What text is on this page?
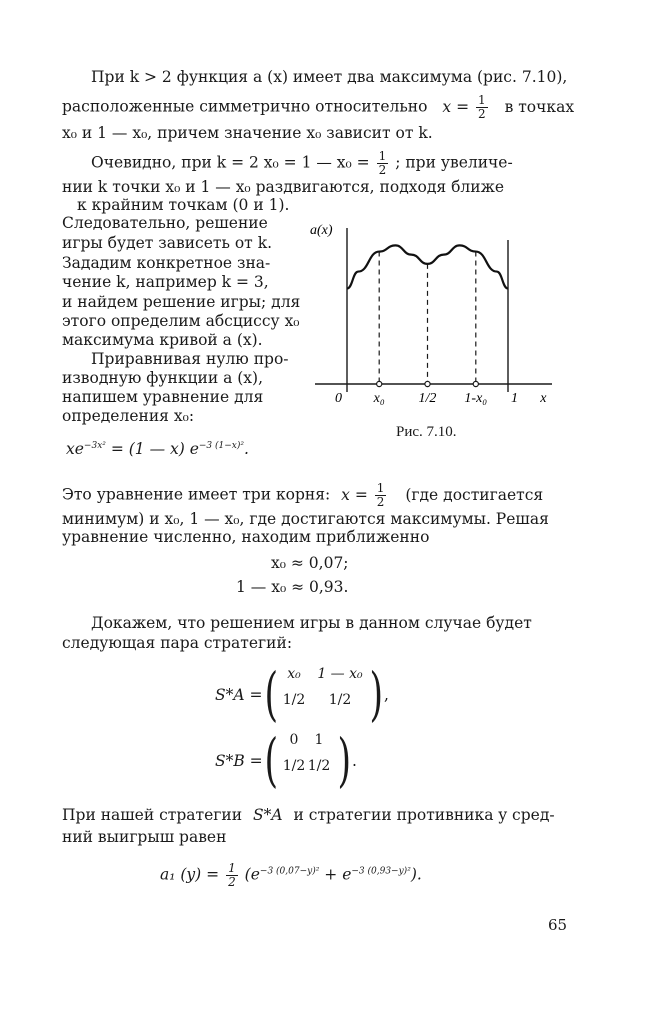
При k > 2 функция a (x) имеет два максимума (рис. 7.10),
расположенные симметрично относительно $x = \frac{1}{2}$ в точках
x₀ и 1 — x₀, причем значение x₀ зависит от k.
Очевидно, при k = 2 x₀ = 1 — $x_0 = \frac{1}{2}$ ; при увеличе-
нии k точки x₀ и 1 — x₀ раздвигаются, подходя ближе
к крайним точкам (0 и 1).
Следовательно, решение
игры будет зависеть от k.
Зададим конкретное зна-
чение k, например k = 3,
и найдем решение игры; для
этого определим абсциссу x₀
максимума кривой a (x).
Приравнивая нулю про-
изводную функции a (x),
напишем уравнение для
определения x₀:
$xe^{-3x^2} = (1$ — x) $e^{-3 (1-x)^2}$.
a(x)
0 x₀ 1/2 1-x₀ 1 x
Рис. 7.10.
Это уравнение имеет три корня: $x = \frac{1}{2} (где$ достигается
минимум) и x₀, 1 — x₀, где достигаются максимумы. Решая
уравнение численно, находим приближенно
x₀ ≈ 0,07;
1 — x₀ ≈ 0,93.
Докажем, что решением игры в данном случае будет
следующая пара стратегий:
S*A = ( x₀	1 — x₀
1/2	1/2 ) ,
S*B = ( 0	1
1/2 1/2 ) .
При нашей стратегии S*A и стратегии противника y сред-
ний выигрыш равен
a₁ $(y) = \frac{1}{2} (e^{-3 (0,07-y)^2} + e^{-3 (0,93-y)^2})$.
65
